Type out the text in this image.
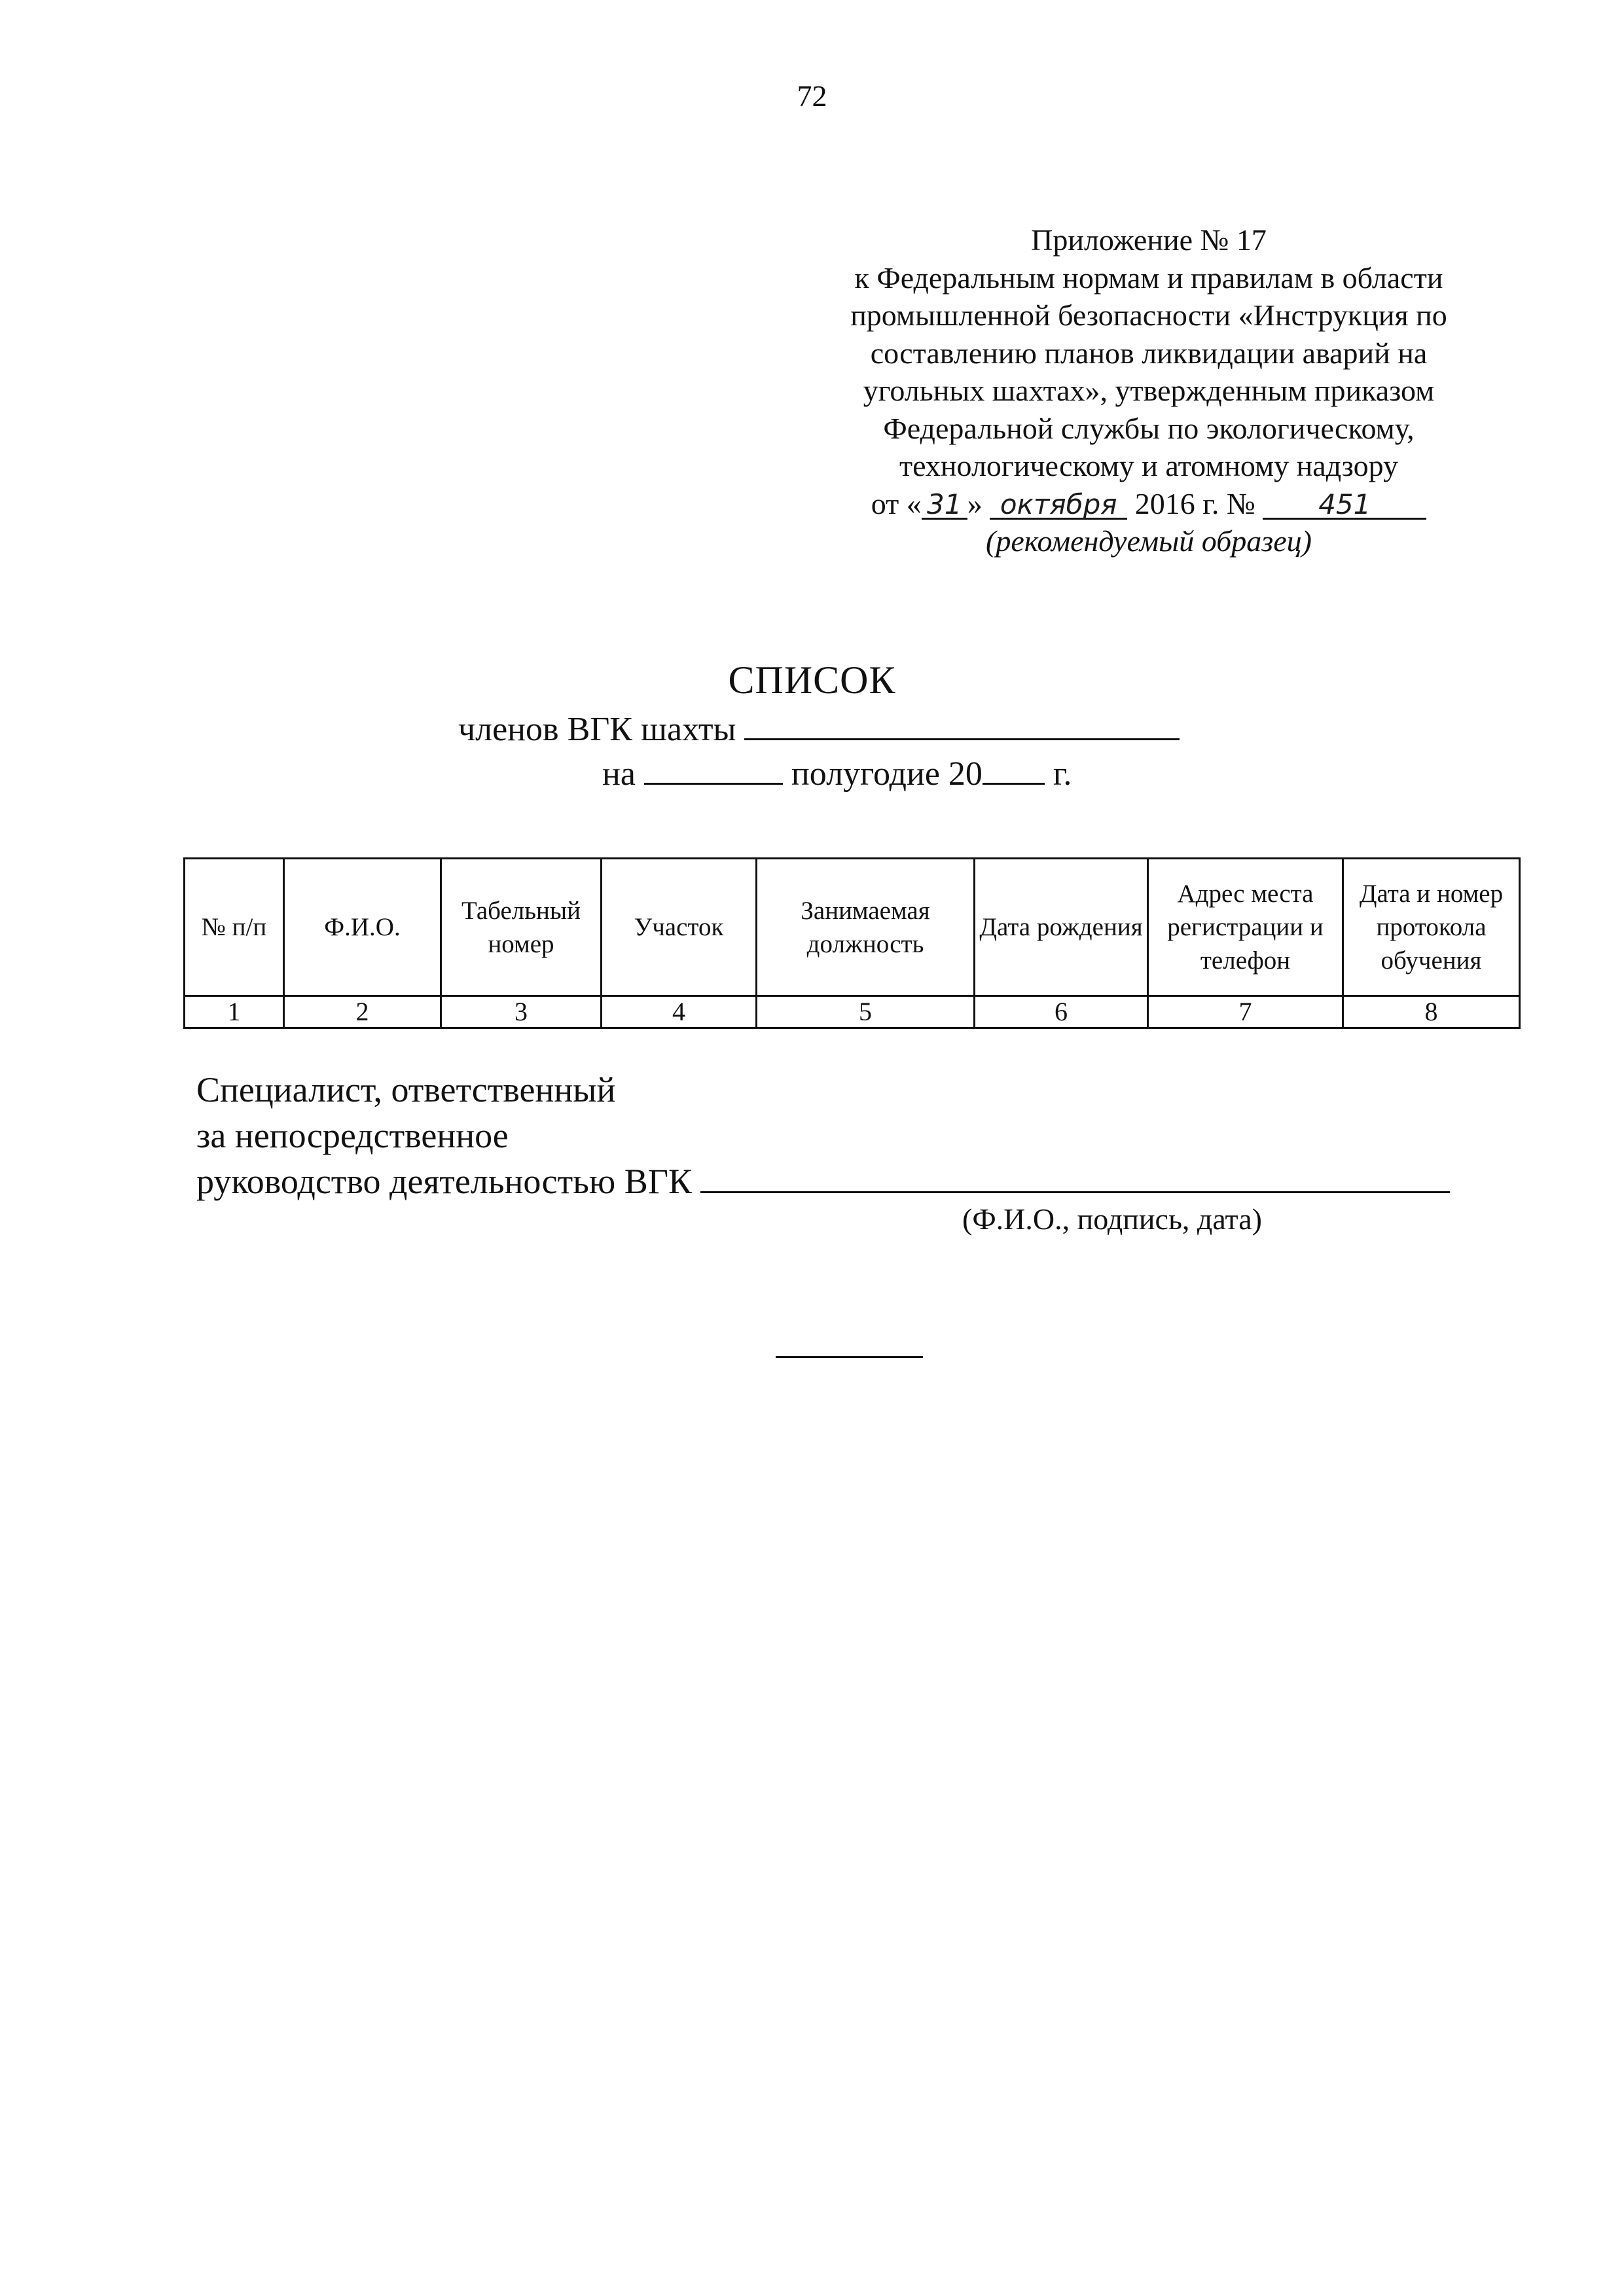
72
Приложение № 17
к Федеральным нормам и правилам в области
промышленной безопасности «Инструкция по
составлению планов ликвидации аварий на
угольных шахтах», утвержденным приказом
Федеральной службы по экологическому,
технологическому и атомному надзору
от « 31 » октября 2016 г. № 451
(рекомендуемый образец)
СПИСОК
членов ВГК шахты
на	полугодие 20 г.
№ п/п	Ф.И.О.	Табельный номер	Участок	Занимаемая должность	Дата рождения	Адрес места регистрации и телефон	Дата и номер протокола обучения
1	2	3	4	5	6	7	8
Специалист, ответственный
за непосредственное
руководство деятельностью ВГК
(Ф.И.О., подпись, дата)
